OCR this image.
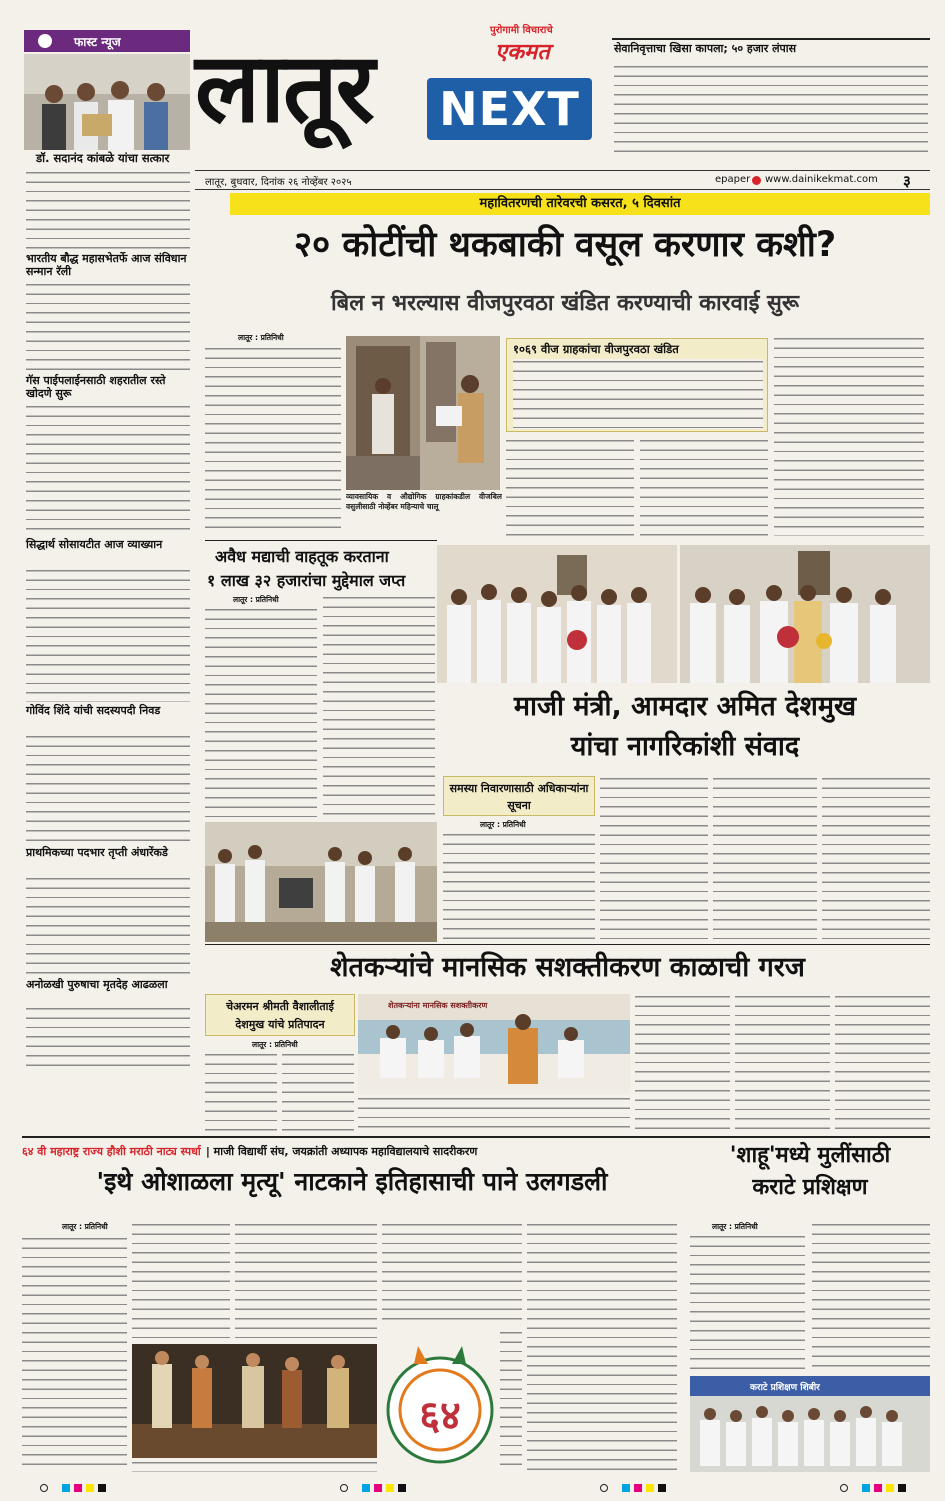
लातूर
पुरोगामी विचाराचे
एकमत
NEXT
सेवानिवृत्ताचा खिसा कापला; ५० हजार लंपास
लातूर, बुधवार, दिनांक २६ नोव्हेंबर २०२५	epaper www.dainikekmat.com ३
फास्ट न्यूज
डॉ. सदानंद कांबळे यांचा सत्कार
भारतीय बौद्ध महासभेतर्फे आज संविधान सन्मान रॅली
गॅस पाईपलाईनसाठी शहरातील रस्ते खोदणे सुरू
सिद्धार्थ सोसायटीत आज व्याख्यान
गोविंद शिंदे यांची सदस्यपदी निवड
प्राथमिकच्या पदभार तृप्ती अंधारेंकडे
अनोळखी पुरुषाचा मृतदेह आढळला
महावितरणची तारेवरची कसरत, ५ दिवसांत
२० कोटींची थकबाकी वसूल करणार कशी?
बिल न भरल्यास वीजपुरवठा खंडित करण्याची कारवाई सुरू
लातूर : प्रतिनिधी
व्यावसायिक व औद्योगिक ग्राहकांकडील वीजबिल वसुलीसाठी नोव्हेंबर महिन्याचे चालू
१०६९ वीज ग्राहकांचा वीजपुरवठा खंडित
अवैध मद्याची वाहतूक करताना
१ लाख ३२ हजारांचा मुद्देमाल जप्त
लातूर : प्रतिनिधी
माजी मंत्री, आमदार अमित देशमुख
यांचा नागरिकांशी संवाद
समस्या निवारणासाठी अधिकाऱ्यांना सूचना
लातूर : प्रतिनिधी
शेतकऱ्यांचे मानसिक सशक्तीकरण काळाची गरज
चेअरमन श्रीमती वैशालीताई
देशमुख यांचे प्रतिपादन
लातूर : प्रतिनिधी
शेतकऱ्यांना मानसिक सशक्तीकरण
६४ वी महाराष्ट्र राज्य हौशी मराठी नाट्य स्पर्धा | माजी विद्यार्थी संघ, जयक्रांती अध्यापक महाविद्यालयाचे सादरीकरण
'इथे ओशाळला मृत्यू' नाटकाने इतिहासाची पाने उलगडली
लातूर : प्रतिनिधी
६४
'शाहू'मध्ये मुलींसाठी
कराटे प्रशिक्षण
लातूर : प्रतिनिधी
कराटे प्रशिक्षण शिबीर
